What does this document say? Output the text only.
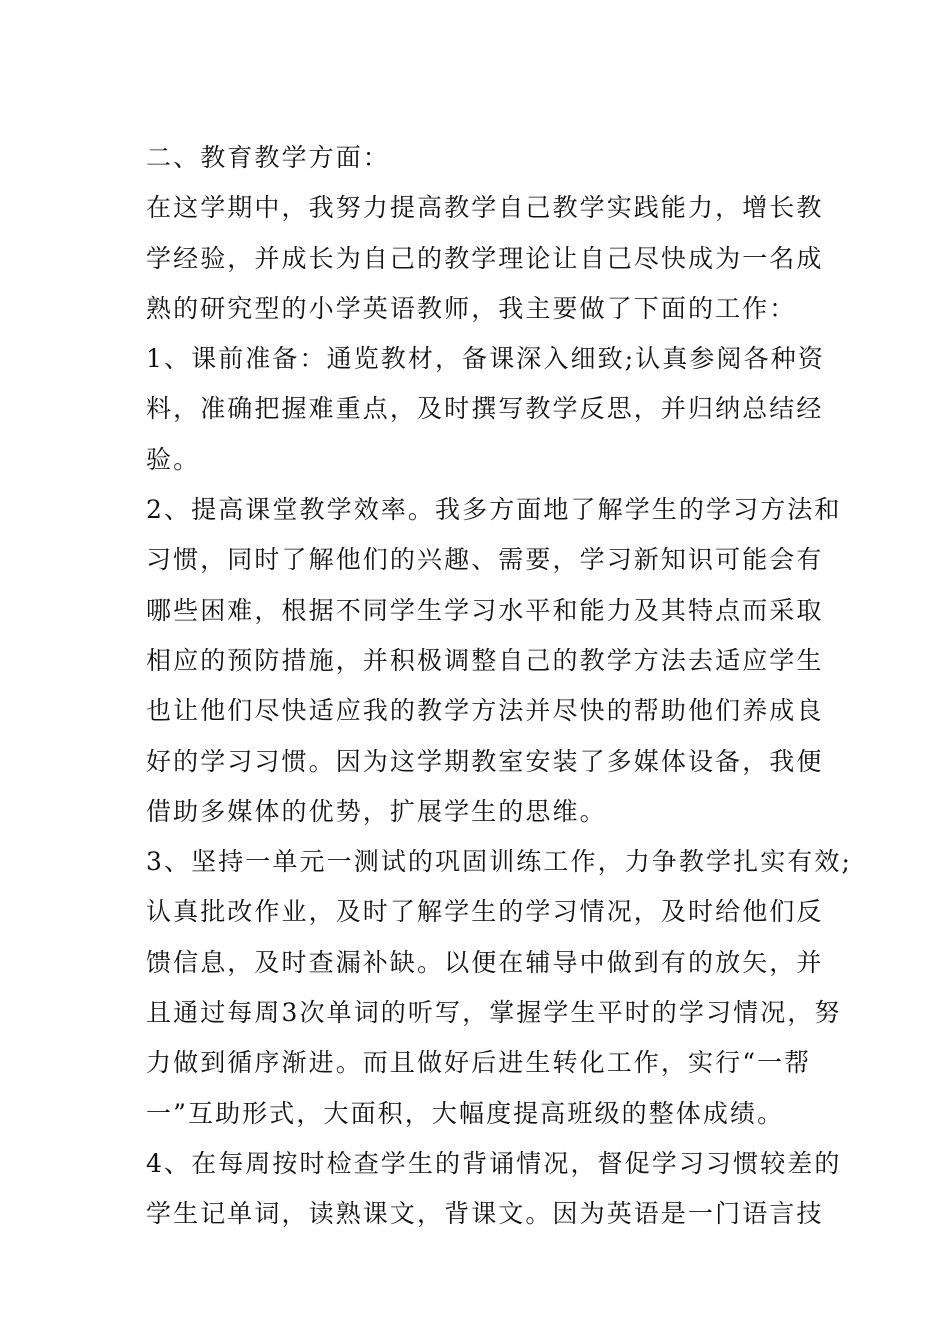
二、教育教学方面：
在这学期中，我努力提高教学自己教学实践能力，增长教
学经验，并成长为自己的教学理论让自己尽快成为一名成
熟的研究型的小学英语教师，我主要做了下面的工作：
1、课前准备：通览教材，备课深入细致;认真参阅各种资
料，准确把握难重点，及时撰写教学反思，并归纳总结经
验。
2、提高课堂教学效率。我多方面地了解学生的学习方法和
习惯，同时了解他们的兴趣、需要，学习新知识可能会有
哪些困难，根据不同学生学习水平和能力及其特点而采取
相应的预防措施，并积极调整自己的教学方法去适应学生
也让他们尽快适应我的教学方法并尽快的帮助他们养成良
好的学习习惯。因为这学期教室安装了多媒体设备，我便
借助多媒体的优势，扩展学生的思维。
3、坚持一单元一测试的巩固训练工作，力争教学扎实有效;
认真批改作业，及时了解学生的学习情况，及时给他们反
馈信息，及时查漏补缺。以便在辅导中做到有的放矢，并
且通过每周3次单词的听写，掌握学生平时的学习情况，努
力做到循序渐进。而且做好后进生转化工作，实行“一帮
一”互助形式，大面积，大幅度提高班级的整体成绩。
4、在每周按时检查学生的背诵情况，督促学习习惯较差的
学生记单词，读熟课文，背课文。因为英语是一门语言技
